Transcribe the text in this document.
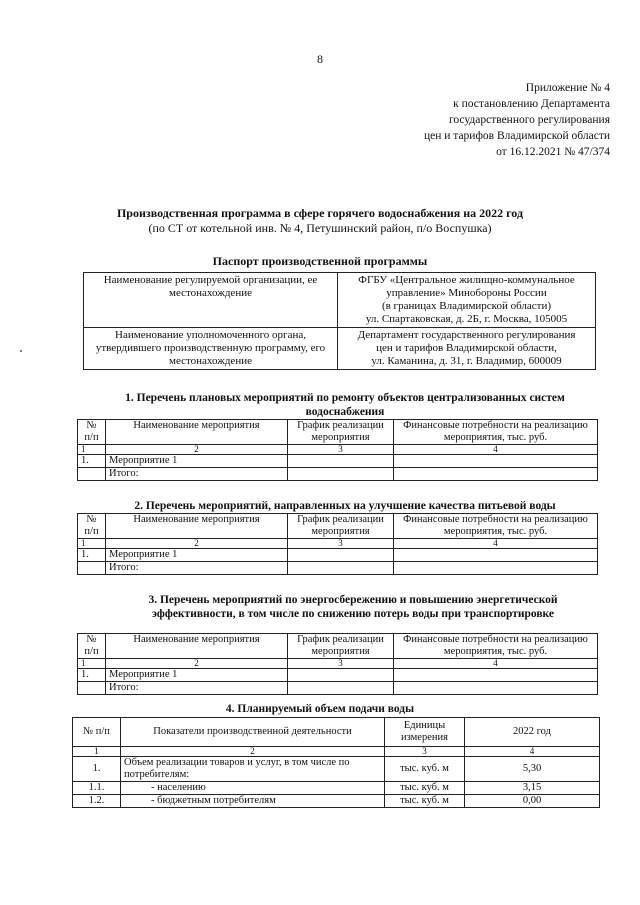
8
Приложение № 4
к постановлению Департамента
государственного регулирования
цен и тарифов Владимирской области
от 16.12.2021 № 47/374
Производственная программа в сфере горячего водоснабжения на 2022 год
(по СТ от котельной инв. № 4, Петушинский район, п/о Воспушка)
Паспорт производственной программы
Наименование регулируемой организации, ее местонахождение	ФГБУ «Центральное жилищно-коммунальное
управление» Минобороны России
(в границах Владимирской области)
ул. Спартаковская, д. 2Б, г. Москва, 105005

Наименование уполномоченного органа, утвердившего производственную программу, его местонахождение	Департамент государственного регулирования
цен и тарифов Владимирской области,
ул. Каманина, д. 31, г. Владимир, 600009
1. Перечень плановых мероприятий по ремонту объектов централизованных систем водоснабжения
№ п/п	Наименование мероприятия	График реализации мероприятия	Финансовые потребности на реализацию мероприятия, тыс. руб.
1	2	3	4
1.	Мероприятие 1		
	Итого:		
2. Перечень мероприятий, направленных на улучшение качества питьевой воды
№ п/п	Наименование мероприятия	График реализации мероприятия	Финансовые потребности на реализацию мероприятия, тыс. руб.
1	2	3	4
1.	Мероприятие 1		
	Итого:		
3. Перечень мероприятий по энергосбережению и повышению энергетической эффективности, в том числе по снижению потерь воды при транспортировке
№ п/п	Наименование мероприятия	График реализации мероприятия	Финансовые потребности на реализацию мероприятия, тыс. руб.
1	2	3	4
1.	Мероприятие 1		
	Итого:		
4. Планируемый объем подачи воды
№ п/п	Показатели производственной деятельности	Единицы измерения	2022 год
1	2	3	4
1.	Объем реализации товаров и услуг, в том числе по потребителям:	тыс. куб. м	5,30
1.1.	- населению	тыс. куб. м	3,15
1.2.	- бюджетным потребителям	тыс. куб. м	0,00
